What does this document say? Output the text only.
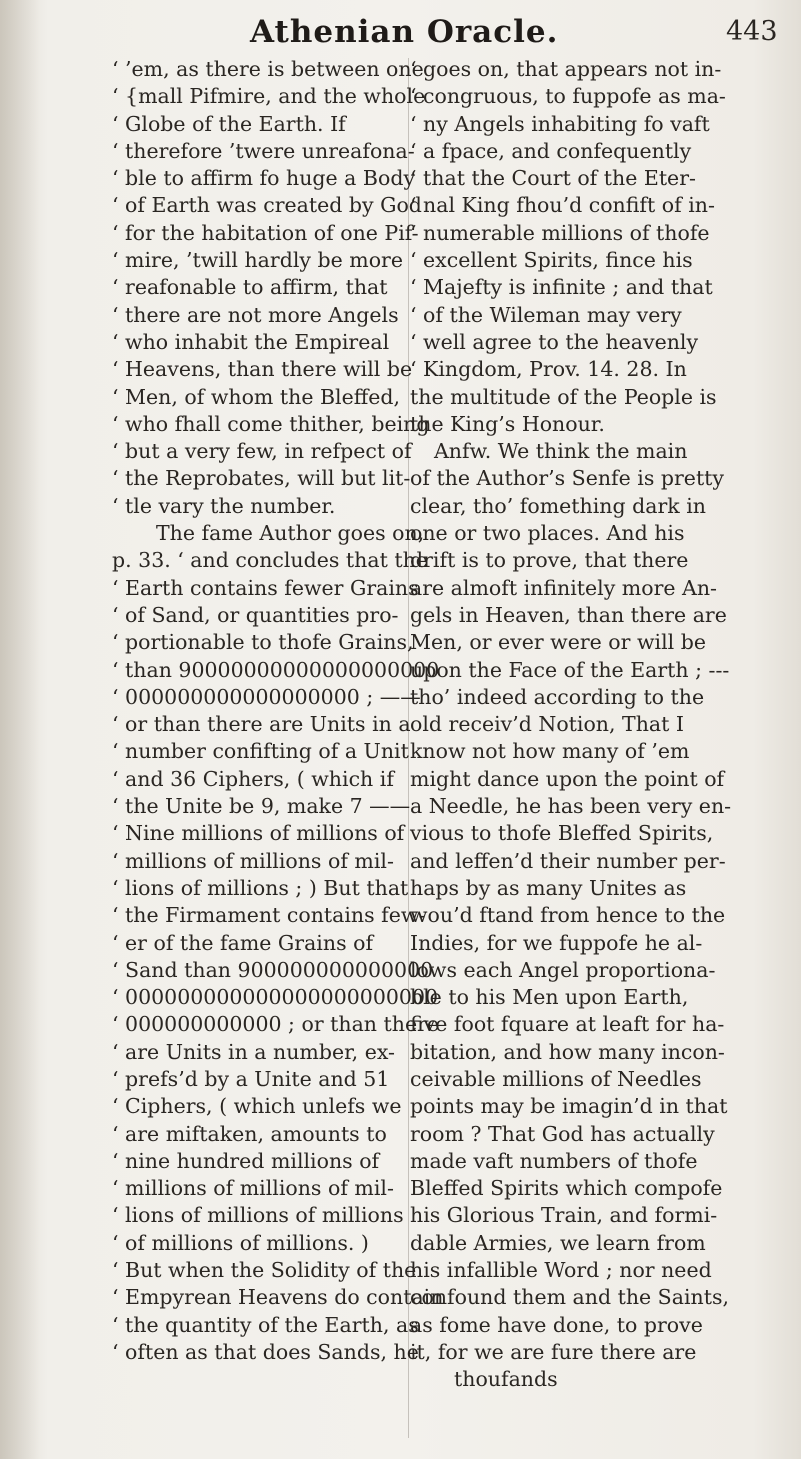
Athenian Oracle.	443
‘ ’em, as there is between one
‘ {mall Pifmire, and the whole
‘ Globe of the Earth. If
‘ therefore ’twere unreafona-
‘ ble to affirm fo huge a Body
‘ of Earth was created by God
‘ for the habitation of one Pif-
‘ mire, ’twill hardly be more
‘ reafonable to affirm, that
‘ there are not more Angels
‘ who inhabit the Empireal
‘ Heavens, than there will be
‘ Men, of whom the Bleffed,
‘ who fhall come thither, being
‘ but a very few, in refpect of
‘ the Reprobates, will but lit-
‘ tle vary the number.
The fame Author goes on,
p. 33. ‘ and concludes that the
‘ Earth contains fewer Grains
‘ of Sand, or quantities pro-
‘ portionable to thofe Grains,
‘ than 90000000000000000000
‘ 000000000000000000 ; ——
‘ or than there are Units in a
‘ number confifting of a Unit
‘ and 36 Ciphers, ( which if
‘ the Unite be 9, make 7 ——
‘ Nine millions of millions of
‘ millions of millions of mil-
‘ lions of millions ; ) But that
‘ the Firmament contains few-
‘ er of the fame Grains of
‘ Sand than 900000000000000
‘ 000000000000000000000000
‘ 000000000000 ; or than there
‘ are Units in a number, ex-
‘ prefs’d by a Unite and 51
‘ Ciphers, ( which unlefs we
‘ are miftaken, amounts to
‘ nine hundred millions of
‘ millions of millions of mil-
‘ lions of millions of millions
‘ of millions of millions. )
‘ But when the Solidity of the
‘ Empyrean Heavens do contain
‘ the quantity of the Earth, as
‘ often as that does Sands, he
‘ goes on, that appears not in-
‘ congruous, to fuppofe as ma-
‘ ny Angels inhabiting fo vaft
‘ a fpace, and confequently
‘ that the Court of the Eter-
‘ nal King fhou’d confift of in-
‘ numerable millions of thofe
‘ excellent Spirits, fince his
‘ Majefty is infinite ; and that
‘ of the Wileman may very
‘ well agree to the heavenly
‘ Kingdom, Prov. 14. 28. In
the multitude of the People is
the King’s Honour.
Anfw. We think the main
of the Author’s Senfe is pretty
clear, tho’ fomething dark in
one or two places. And his
drift is to prove, that there
are almoft infinitely more An-
gels in Heaven, than there are
Men, or ever were or will be
upon the Face of the Earth ; ---
tho’ indeed according to the
old receiv’d Notion, That I
know not how many of ’em
might dance upon the point of
a Needle, he has been very en-
vious to thofe Bleffed Spirits,
and leffen’d their number per-
haps by as many Unites as
wou’d ftand from hence to the
Indies, for we fuppofe he al-
lows each Angel proportiona-
ble to his Men upon Earth,
five foot fquare at leaft for ha-
bitation, and how many incon-
ceivable millions of Needles
points may be imagin’d in that
room ? That God has actually
made vaft numbers of thofe
Bleffed Spirits which compofe
his Glorious Train, and formi-
dable Armies, we learn from
his infallible Word ; nor need
confound them and the Saints,
as fome have done, to prove
it, for we are fure there are
thoufands
